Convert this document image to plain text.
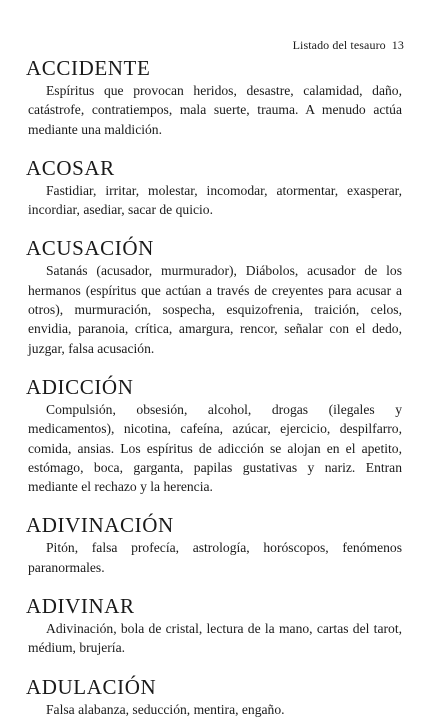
Listado del tesauro 13
ACCIDENTE

Espíritus que provocan heridos, desastre, calamidad, daño, catástrofe, contratiempos, mala suerte, trauma. A menudo actúa mediante una maldición.

ACOSAR

Fastidiar, irritar, molestar, incomodar, atormentar, exasperar, incordiar, asediar, sacar de quicio.

ACUSACIÓN

Satanás (acusador, murmurador), Diábolos, acusador de los hermanos (espíritus que actúan a través de creyentes para acusar a otros), murmuración, sospecha, esquizofrenia, traición, celos, envidia, paranoia, crítica, amargura, rencor, señalar con el dedo, juzgar, falsa acusación.

ADICCIÓN

Compulsión, obsesión, alcohol, drogas (ilegales y medicamentos), nicotina, cafeína, azúcar, ejercicio, despilfarro, comida, ansias. Los espíritus de adicción se alojan en el apetito, estómago, boca, garganta, papilas gustativas y nariz. Entran mediante el rechazo y la herencia.

ADIVINACIÓN

Pitón, falsa profecía, astrología, horóscopos, fenómenos paranormales.

ADIVINAR

Adivinación, bola de cristal, lectura de la mano, cartas del tarot, médium, brujería.

ADULACIÓN

Falsa alabanza, seducción, mentira, engaño.
